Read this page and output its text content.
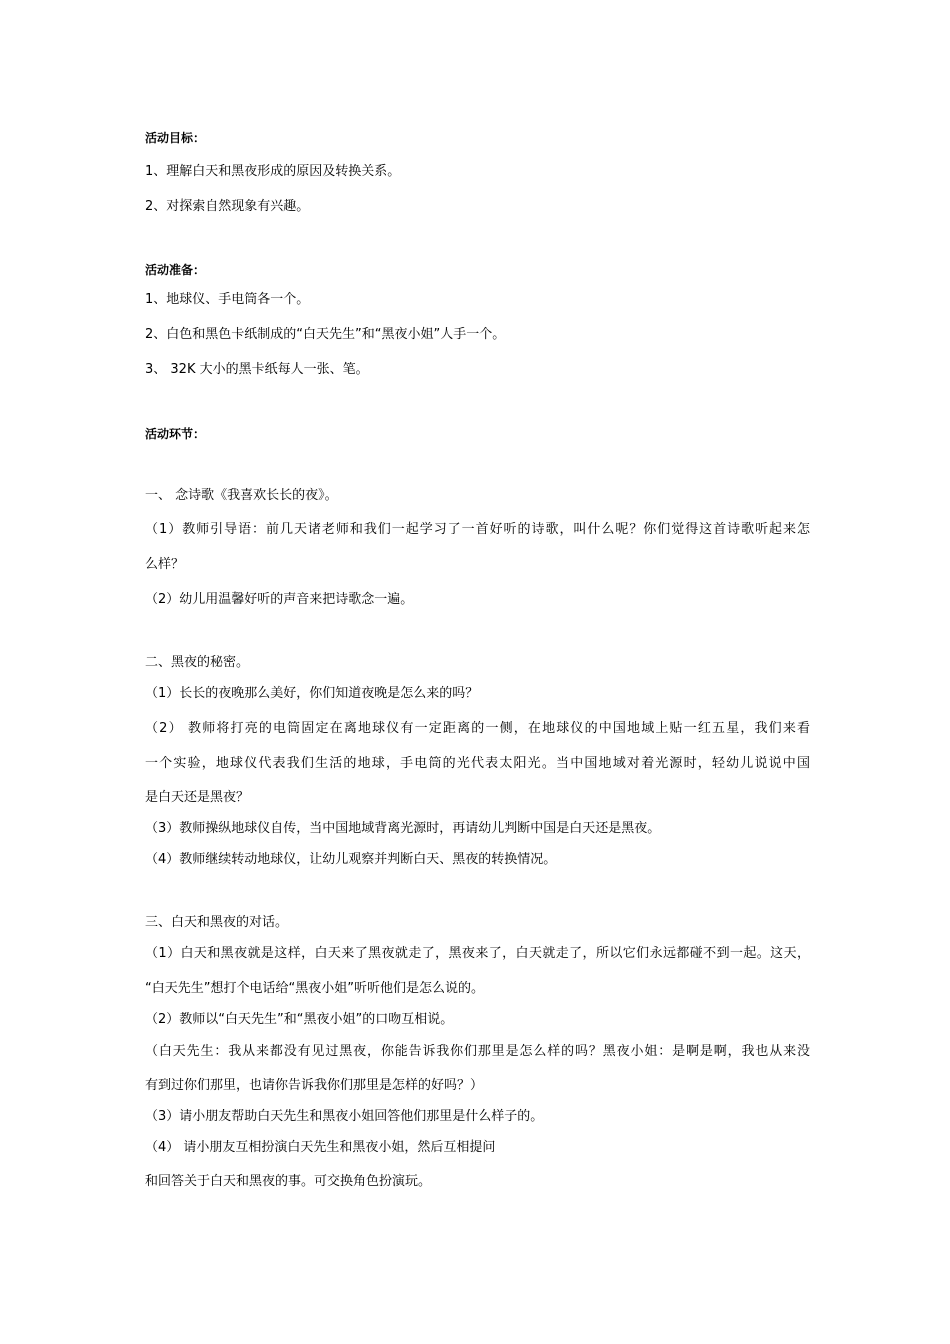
活动目标：
1、理解白天和黑夜形成的原因及转换关系。
2、对探索自然现象有兴趣。
活动准备：
1、地球仪、手电筒各一个。
2、白色和黑色卡纸制成的“白天先生”和“黑夜小姐”人手一个。
3、 32K 大小的黑卡纸每人一张、笔。
活动环节：
一、 念诗歌《我喜欢长长的夜》。
（1）教师引导语：前几天诸老师和我们一起学习了一首好听的诗歌，叫什么呢？你们觉得这首诗歌听起来怎
么样？
（2）幼儿用温馨好听的声音来把诗歌念一遍。
二、黑夜的秘密。
（1）长长的夜晚那么美好，你们知道夜晚是怎么来的吗？
（2） 教师将打亮的电筒固定在离地球仪有一定距离的一侧，在地球仪的中国地域上贴一红五星，我们来看
一个实验，地球仪代表我们生活的地球，手电筒的光代表太阳光。当中国地域对着光源时，轻幼儿说说中国
是白天还是黑夜？
（3）教师操纵地球仪自传，当中国地域背离光源时，再请幼儿判断中国是白天还是黑夜。
（4）教师继续转动地球仪，让幼儿观察并判断白天、黑夜的转换情况。
三、白天和黑夜的对话。
（1）白天和黑夜就是这样，白天来了黑夜就走了，黑夜来了，白天就走了，所以它们永远都碰不到一起。这天，
“白天先生”想打个电话给“黑夜小姐”听听他们是怎么说的。
（2）教师以“白天先生”和“黑夜小姐”的口吻互相说。
（白天先生：我从来都没有见过黑夜，你能告诉我你们那里是怎么样的吗？黑夜小姐：是啊是啊，我也从来没
有到过你们那里，也请你告诉我你们那里是怎样的好吗？）
（3）请小朋友帮助白天先生和黑夜小姐回答他们那里是什么样子的。
（4） 请小朋友互相扮演白天先生和黑夜小姐，然后互相提问
和回答关于白天和黑夜的事。可交换角色扮演玩。
